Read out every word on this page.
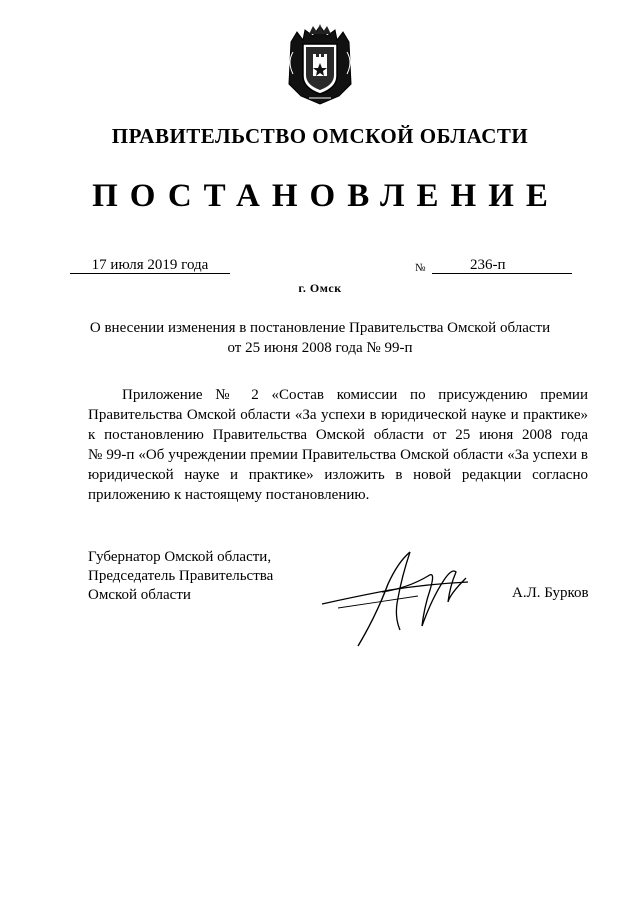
ПРАВИТЕЛЬСТВО ОМСКОЙ ОБЛАСТИ
ПОСТАНОВЛЕНИЕ
17 июля 2019 года	№	236-п
г. Омск
О внесении изменения в постановление Правительства Омской области
от 25 июня 2008 года № 99-п
Приложение № 2 «Состав комиссии по присуждению премии
Правительства Омской области «За успехи в юридической науке и практике»
к постановлению Правительства Омской области от 25 июня 2008 года
№ 99-п «Об учреждении премии Правительства Омской области «За успехи в
юридической науке и практике» изложить в новой редакции согласно
приложению к настоящему постановлению.
Губернатор Омской области,
Председатель Правительства
Омской области	А.Л. Бурков
